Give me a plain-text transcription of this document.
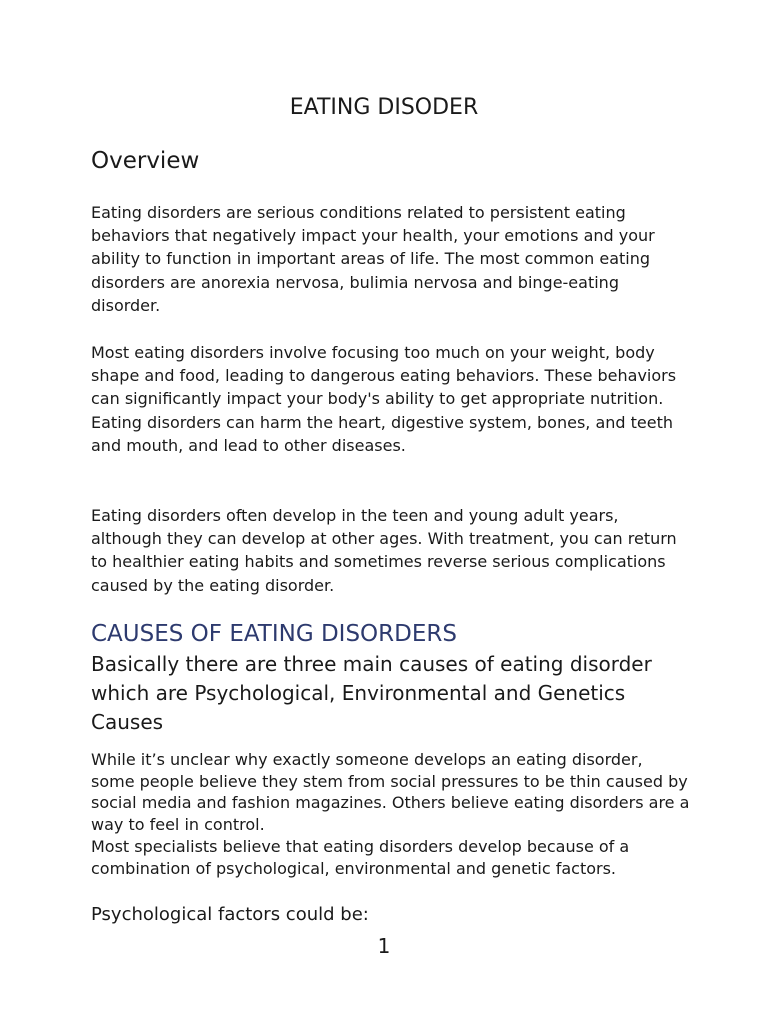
EATING DISODER
Overview

Eating disorders are serious conditions related to persistent eating behaviors that negatively impact your health, your emotions and your ability to function in important areas of life. The most common eating disorders are anorexia nervosa, bulimia nervosa and binge-eating disorder.

Most eating disorders involve focusing too much on your weight, body shape and food, leading to dangerous eating behaviors. These behaviors can significantly impact your body's ability to get appropriate nutrition. Eating disorders can harm the heart, digestive system, bones, and teeth and mouth, and lead to other diseases.

Eating disorders often develop in the teen and young adult years, although they can develop at other ages. With treatment, you can return to healthier eating habits and sometimes reverse serious complications caused by the eating disorder.

CAUSES OF EATING DISORDERS

Basically there are three main causes of eating disorder which are Psychological, Environmental and Genetics Causes

While it’s unclear why exactly someone develops an eating disorder, some people believe they stem from social pressures to be thin caused by social media and fashion magazines. Others believe eating disorders are a way to feel in control.

Most specialists believe that eating disorders develop because of a combination of psychological, environmental and genetic factors.

Psychological factors could be:

1
